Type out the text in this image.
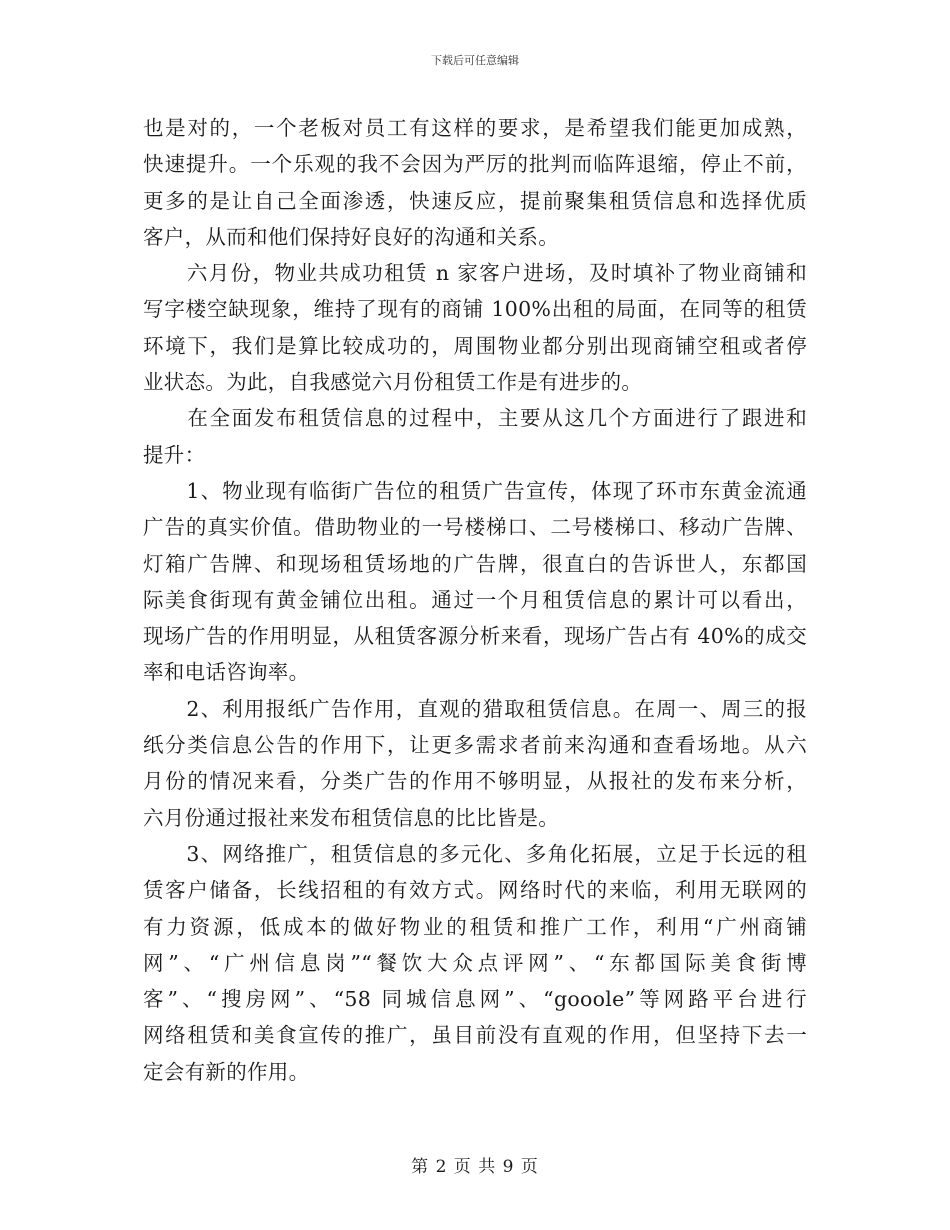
下载后可任意编辑
也是对的，一个老板对员工有这样的要求，是希望我们能更加成熟，
快速提升。一个乐观的我不会因为严厉的批判而临阵退缩，停止不前，
更多的是让自己全面渗透，快速反应，提前聚集租赁信息和选择优质
客户，从而和他们保持好良好的沟通和关系。
　　六月份，物业共成功租赁 n 家客户进场，及时填补了物业商铺和
写字楼空缺现象，维持了现有的商铺 100%出租的局面，在同等的租赁
环境下，我们是算比较成功的，周围物业都分别出现商铺空租或者停
业状态。为此，自我感觉六月份租赁工作是有进步的。
　　在全面发布租赁信息的过程中，主要从这几个方面进行了跟进和
提升：
　　1、物业现有临街广告位的租赁广告宣传，体现了环市东黄金流通
广告的真实价值。借助物业的一号楼梯口、二号楼梯口、移动广告牌、
灯箱广告牌、和现场租赁场地的广告牌，很直白的告诉世人，东都国
际美食街现有黄金铺位出租。通过一个月租赁信息的累计可以看出，
现场广告的作用明显，从租赁客源分析来看，现场广告占有 40%的成交
率和电话咨询率。
　　2、利用报纸广告作用，直观的猎取租赁信息。在周一、周三的报
纸分类信息公告的作用下，让更多需求者前来沟通和查看场地。从六
月份的情况来看，分类广告的作用不够明显，从报社的发布来分析，
六月份通过报社来发布租赁信息的比比皆是。
　　3、网络推广，租赁信息的多元化、多角化拓展，立足于长远的租
赁客户储备，长线招租的有效方式。网络时代的来临，利用无联网的
有力资源，低成本的做好物业的租赁和推广工作，利用“广州商铺
网”、“广州信息岗”“餐饮大众点评网”、“东都国际美食街博
客”、“搜房网”、“58 同城信息网”、“gooole”等网路平台进行
网络租赁和美食宣传的推广，虽目前没有直观的作用，但坚持下去一
定会有新的作用。
第 2 页 共 9 页
